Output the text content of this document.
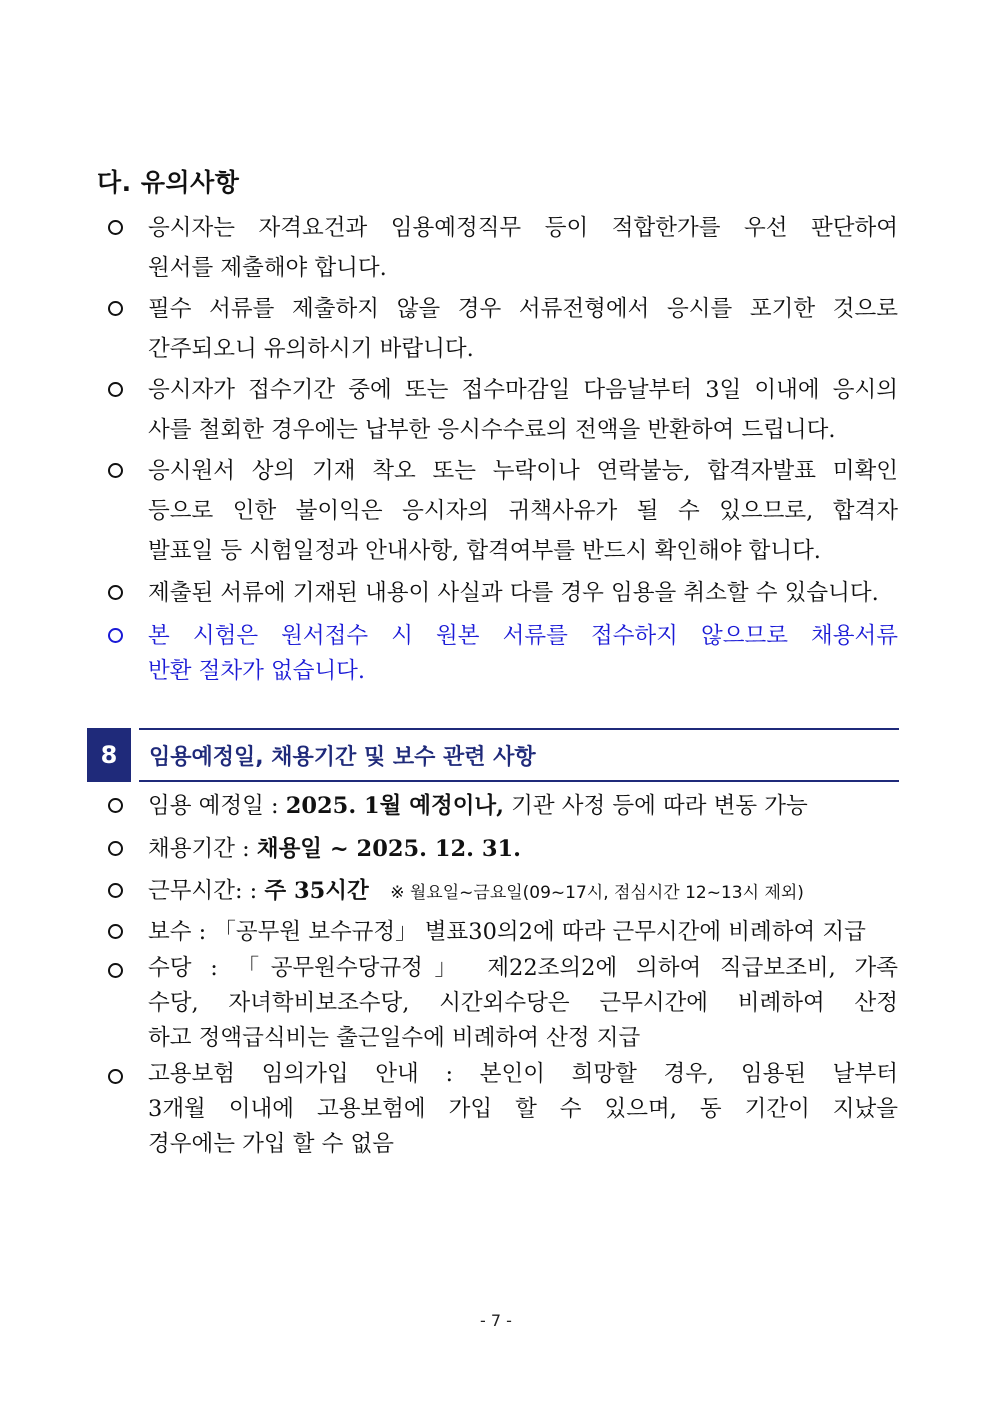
다. 유의사항
응시자는 자격요건과 임용예정직무 등이 적합한가를 우선 판단하여
원서를 제출해야 합니다.
필수 서류를 제출하지 않을 경우 서류전형에서 응시를 포기한 것으로
간주되오니 유의하시기 바랍니다.
응시자가 접수기간 중에 또는 접수마감일 다음날부터 3일 이내에 응시의
사를 철회한 경우에는 납부한 응시수수료의 전액을 반환하여 드립니다.
응시원서 상의 기재 착오 또는 누락이나 연락불능, 합격자발표 미확인
등으로 인한 불이익은 응시자의 귀책사유가 될 수 있으므로, 합격자
발표일 등 시험일정과 안내사항, 합격여부를 반드시 확인해야 합니다.
제출된 서류에 기재된 내용이 사실과 다를 경우 임용을 취소할 수 있습니다.
본 시험은 원서접수 시 원본 서류를 접수하지 않으므로 채용서류
반환 절차가 없습니다.
8	임용예정일, 채용기간 및 보수 관련 사항
임용 예정일 : 2025. 1월 예정이나, 기관 사정 등에 따라 변동 가능
채용기간 : 채용일 ~ 2025. 12. 31.
근무시간: : 주 35시간 ※ 월요일~금요일(09~17시, 점심시간 12~13시 제외)
보수 : 「공무원 보수규정」 별표30의2에 따라 근무시간에 비례하여 지급
수당 : 「공무원수당규정」 제22조의2에 의하여 직급보조비, 가족
수당, 자녀학비보조수당, 시간외수당은 근무시간에 비례하여 산정
하고 정액급식비는 출근일수에 비례하여 산정 지급
고용보험 임의가입 안내 : 본인이 희망할 경우, 임용된 날부터
3개월 이내에 고용보험에 가입 할 수 있으며, 동 기간이 지났을
경우에는 가입 할 수 없음
- 7 -
